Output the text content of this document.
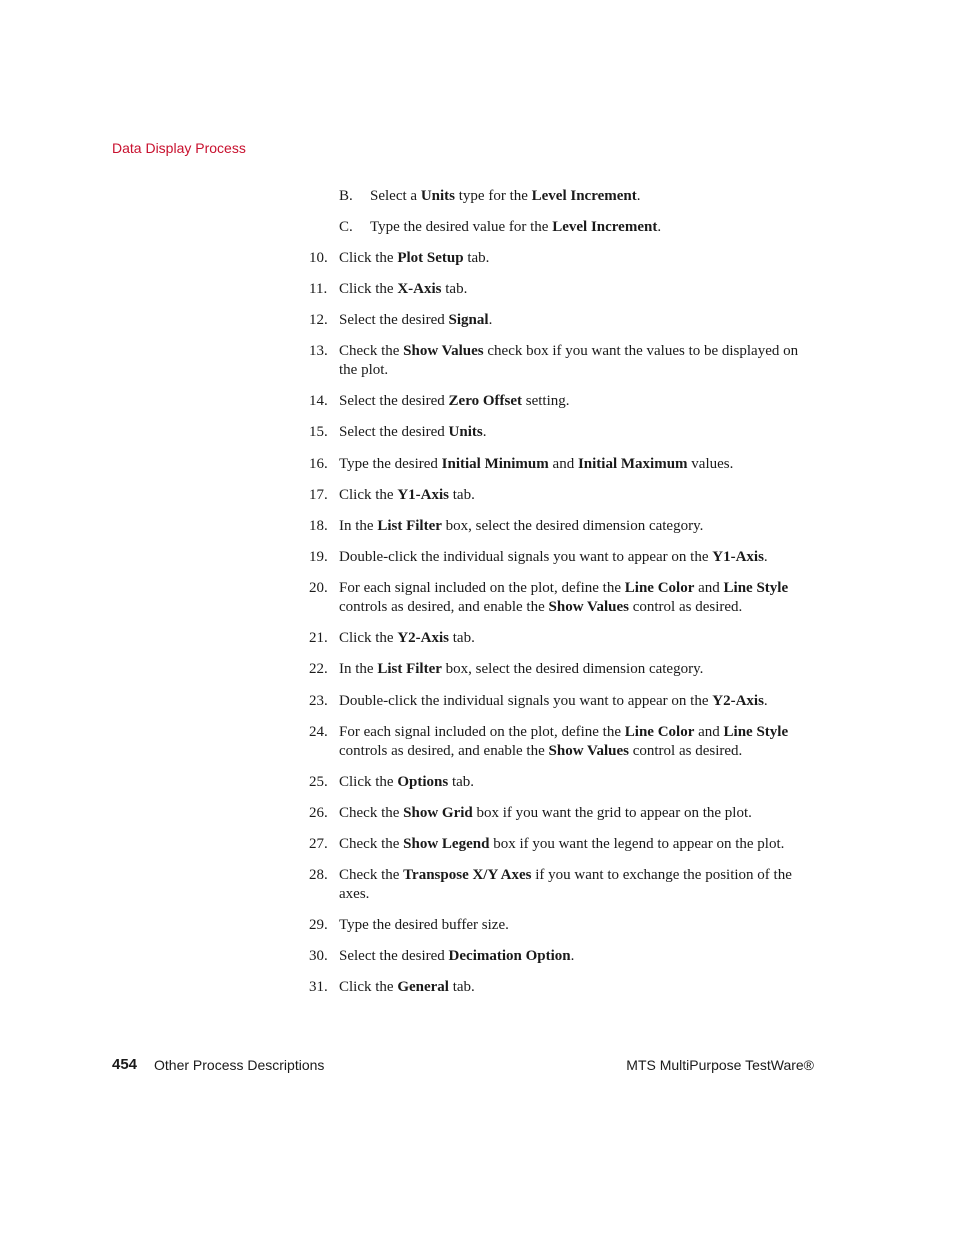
Data Display Process
B. Select a Units type for the Level Increment.
C. Type the desired value for the Level Increment.
10. Click the Plot Setup tab.
11. Click the X-Axis tab.
12. Select the desired Signal.
13. Check the Show Values check box if you want the values to be displayed on the plot.
14. Select the desired Zero Offset setting.
15. Select the desired Units.
16. Type the desired Initial Minimum and Initial Maximum values.
17. Click the Y1-Axis tab.
18. In the List Filter box, select the desired dimension category.
19. Double-click the individual signals you want to appear on the Y1-Axis.
20. For each signal included on the plot, define the Line Color and Line Style controls as desired, and enable the Show Values control as desired.
21. Click the Y2-Axis tab.
22. In the List Filter box, select the desired dimension category.
23. Double-click the individual signals you want to appear on the Y2-Axis.
24. For each signal included on the plot, define the Line Color and Line Style controls as desired, and enable the Show Values control as desired.
25. Click the Options tab.
26. Check the Show Grid box if you want the grid to appear on the plot.
27. Check the Show Legend box if you want the legend to appear on the plot.
28. Check the Transpose X/Y Axes if you want to exchange the position of the axes.
29. Type the desired buffer size.
30. Select the desired Decimation Option.
31. Click the General tab.
454 Other Process Descriptions	MTS MultiPurpose TestWare®
